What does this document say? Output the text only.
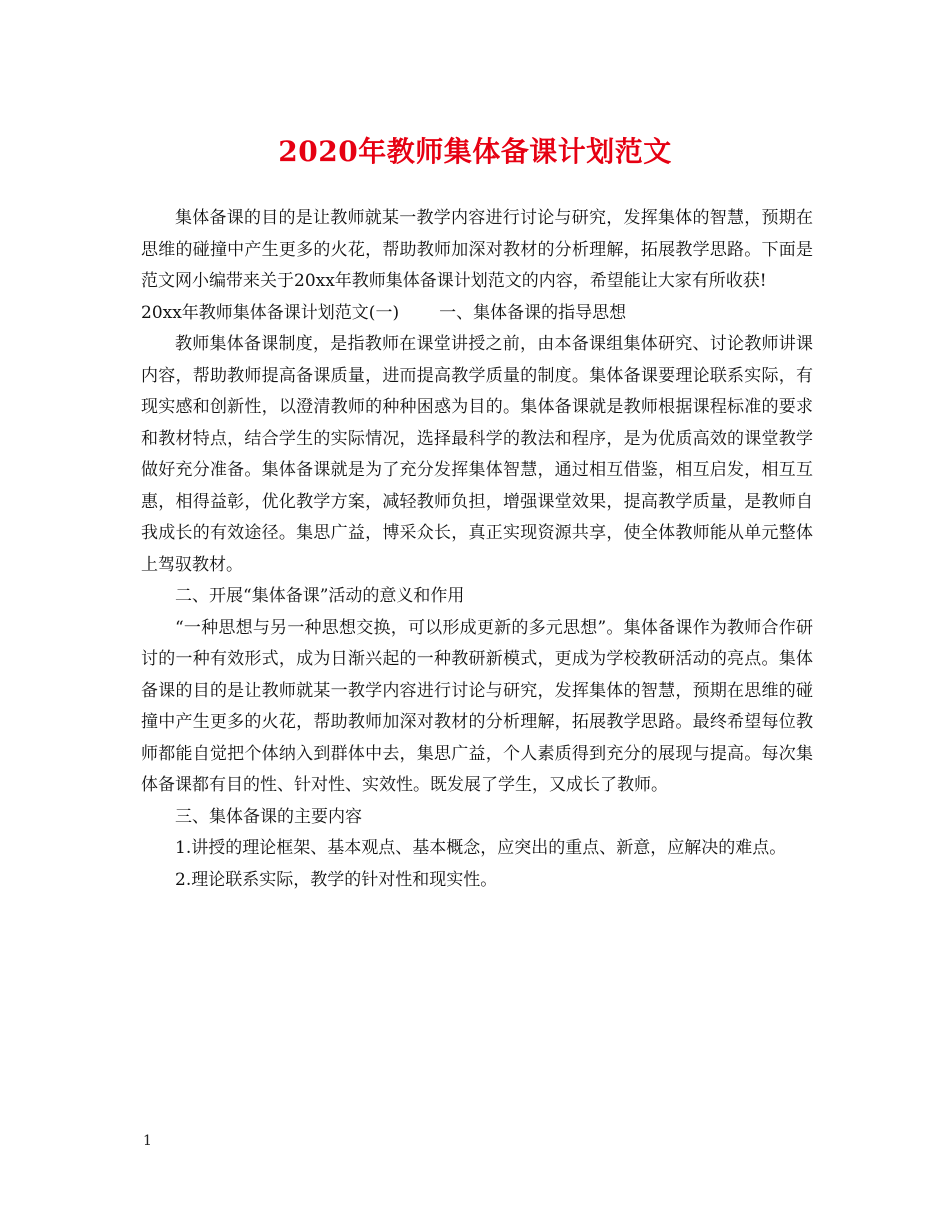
2020年教师集体备课计划范文

集体备课的目的是让教师就某一教学内容进行讨论与研究，发挥集体的智慧，预期在思维的碰撞中产生更多的火花，帮助教师加深对教材的分析理解，拓展教学思路。下面是范文网小编带来关于20xx年教师集体备课计划范文的内容，希望能让大家有所收获!

20xx年教师集体备课计划范文(一) 一、集体备课的指导思想

教师集体备课制度，是指教师在课堂讲授之前，由本备课组集体研究、讨论教师讲课内容，帮助教师提高备课质量，进而提高教学质量的制度。集体备课要理论联系实际，有现实感和创新性，以澄清教师的种种困惑为目的。集体备课就是教师根据课程标准的要求和教材特点，结合学生的实际情况，选择最科学的教法和程序，是为优质高效的课堂教学做好充分准备。集体备课就是为了充分发挥集体智慧，通过相互借鉴，相互启发，相互互惠，相得益彰，优化教学方案，减轻教师负担，增强课堂效果，提高教学质量，是教师自我成长的有效途径。集思广益，博采众长，真正实现资源共享，使全体教师能从单元整体上驾驭教材。

二、开展“集体备课”活动的意义和作用

“一种思想与另一种思想交换，可以形成更新的多元思想”。集体备课作为教师合作研讨的一种有效形式，成为日渐兴起的一种教研新模式，更成为学校教研活动的亮点。集体备课的目的是让教师就某一教学内容进行讨论与研究，发挥集体的智慧，预期在思维的碰撞中产生更多的火花，帮助教师加深对教材的分析理解，拓展教学思路。最终希望每位教师都能自觉把个体纳入到群体中去，集思广益，个人素质得到充分的展现与提高。每次集体备课都有目的性、针对性、实效性。既发展了学生，又成长了教师。

三、集体备课的主要内容

1.讲授的理论框架、基本观点、基本概念，应突出的重点、新意，应解决的难点。

2.理论联系实际，教学的针对性和现实性。

1
